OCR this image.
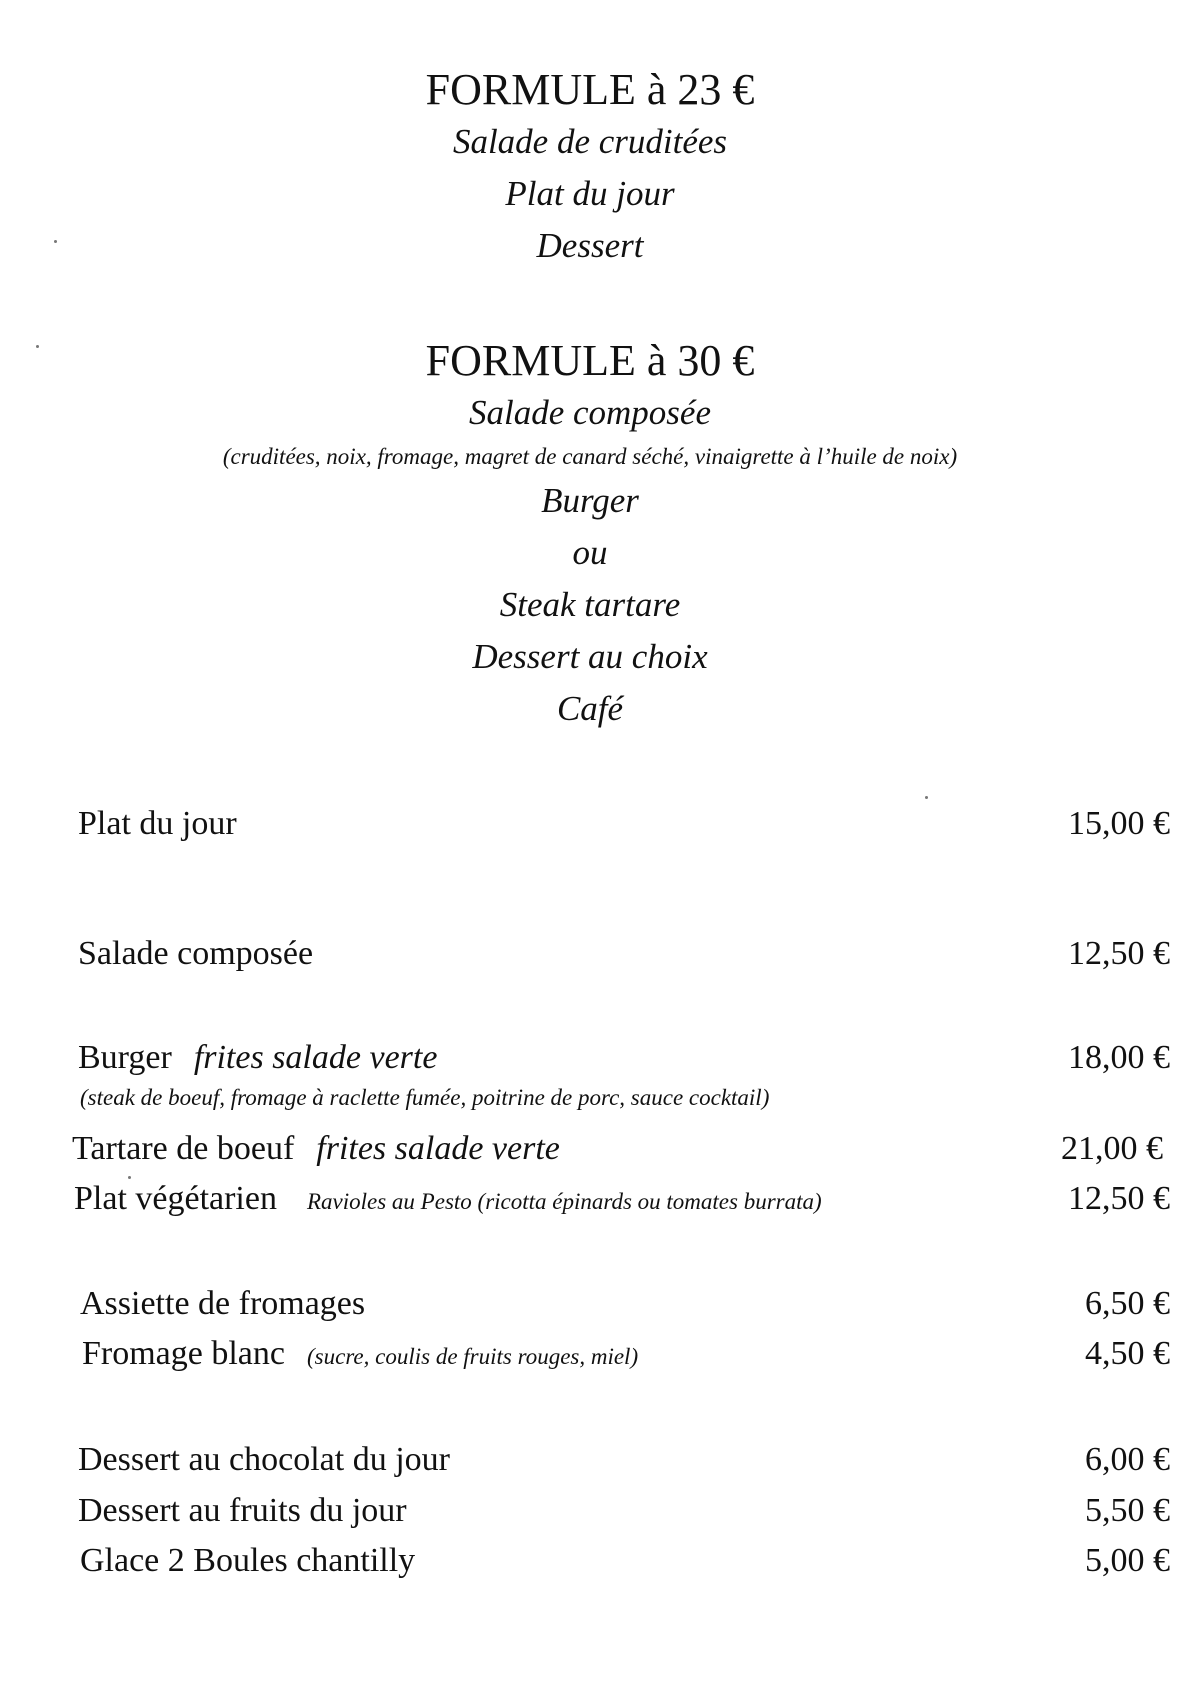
FORMULE à 23 €
Salade de cruditées
Plat du jour
Dessert
FORMULE à 30 €
Salade composée
(cruditées, noix, fromage, magret de canard séché, vinaigrette à l’huile de noix)
Burger
ou
Steak tartare
Dessert au choix
Café
Plat du jour	15,00 €
Salade composée	12,50 €
Burger frites salade verte	18,00 €
(steak de boeuf, fromage à raclette fumée, poitrine de porc, sauce cocktail)
Tartare de boeuf frites salade verte	21,00 €
Plat végétarien Ravioles au Pesto (ricotta épinards ou tomates burrata)	12,50 €
Assiette de fromages	6,50 €
Fromage blanc (sucre, coulis de fruits rouges, miel)	4,50 €
Dessert au chocolat du jour	6,00 €
Dessert au fruits du jour	5,50 €
Glace 2 Boules chantilly	5,00 €
